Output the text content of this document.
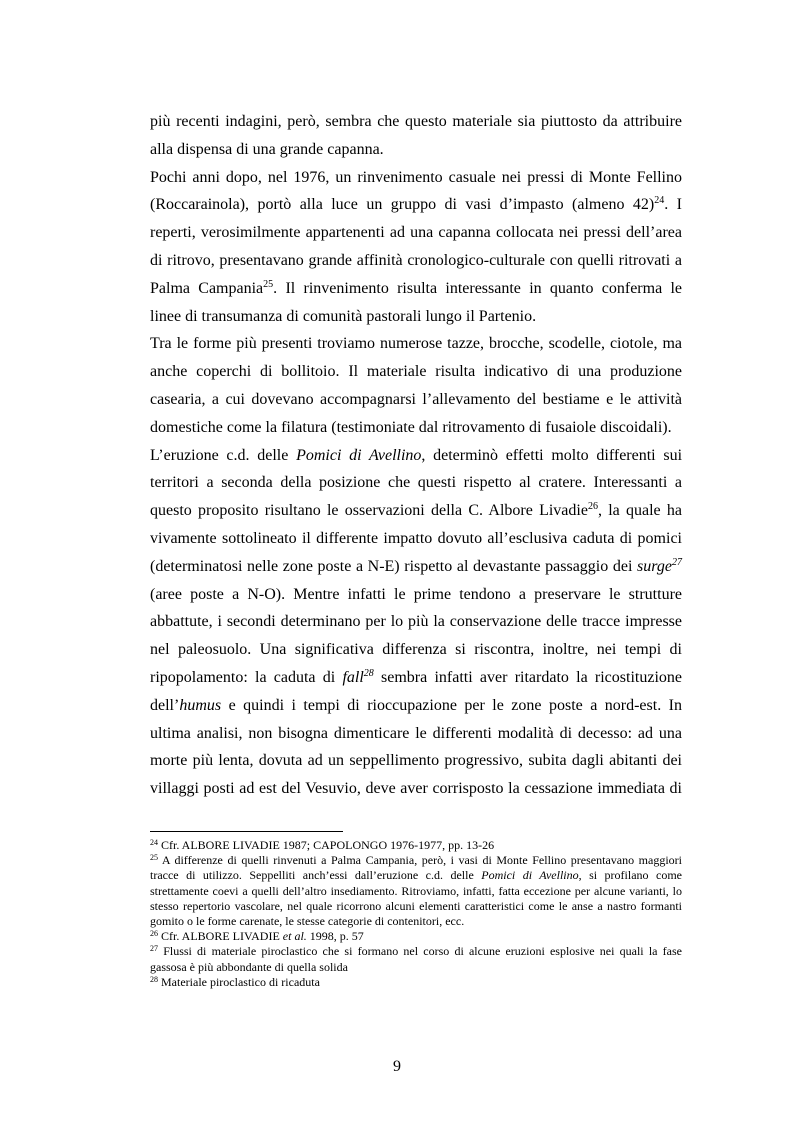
più recenti indagini, però, sembra che questo materiale sia piuttosto da attribuire
alla dispensa di una grande capanna.
Pochi anni dopo, nel 1976, un rinvenimento casuale nei pressi di Monte Fellino
(Roccarainola), portò alla luce un gruppo di vasi d’impasto (almeno 42)$^{24}$. I
reperti, verosimilmente appartenenti ad una capanna collocata nei pressi dell’area
di ritrovo, presentavano grande affinità cronologico-culturale con quelli ritrovati a
Palma Campania$^{25}$. Il rinvenimento risulta interessante in quanto conferma le
linee di transumanza di comunità pastorali lungo il Partenio.
Tra le forme più presenti troviamo numerose tazze, brocche, scodelle, ciotole, ma
anche coperchi di bollitoio. Il materiale risulta indicativo di una produzione
casearia, a cui dovevano accompagnarsi l’allevamento del bestiame e le attività
domestiche come la filatura (testimoniate dal ritrovamento di fusaiole discoidali).
L’eruzione c.d. delle Pomici di Avellino, determinò effetti molto differenti sui
territori a seconda della posizione che questi rispetto al cratere. Interessanti a
questo proposito risultano le osservazioni della C. Albore Livadie$^{26}$, la quale ha
vivamente sottolineato il differente impatto dovuto all’esclusiva caduta di pomici
(determinatosi nelle zone poste a N-E) rispetto al devastante passaggio dei surge$^{27}$
(aree poste a N-O). Mentre infatti le prime tendono a preservare le strutture
abbattute, i secondi determinano per lo più la conservazione delle tracce impresse
nel paleosuolo. Una significativa differenza si riscontra, inoltre, nei tempi di
ripopolamento: la caduta di fall$^{28}$ sembra infatti aver ritardato la ricostituzione
dell’humus e quindi i tempi di rioccupazione per le zone poste a nord-est. In
ultima analisi, non bisogna dimenticare le differenti modalità di decesso: ad una
morte più lenta, dovuta ad un seppellimento progressivo, subita dagli abitanti dei
villaggi posti ad est del Vesuvio, deve aver corrisposto la cessazione immediata di
$^{24}$ Cfr. ALBORE LIVADIE 1987; CAPOLONGO 1976-1977, pp. 13-26
$^{25}$ A differenze di quelli rinvenuti a Palma Campania, però, i vasi di Monte Fellino presentavano maggiori tracce di utilizzo. Seppelliti anch’essi dall’eruzione c.d. delle Pomici di Avellino, si profilano come strettamente coevi a quelli dell’altro insediamento. Ritroviamo, infatti, fatta eccezione per alcune varianti, lo stesso repertorio vascolare, nel quale ricorrono alcuni elementi caratteristici come le anse a nastro formanti gomito o le forme carenate, le stesse categorie di contenitori, ecc.
$^{26}$ Cfr. ALBORE LIVADIE et al. 1998, p. 57
$^{27}$ Flussi di materiale piroclastico che si formano nel corso di alcune eruzioni esplosive nei quali la fase gassosa è più abbondante di quella solida
$^{28}$ Materiale piroclastico di ricaduta
9
